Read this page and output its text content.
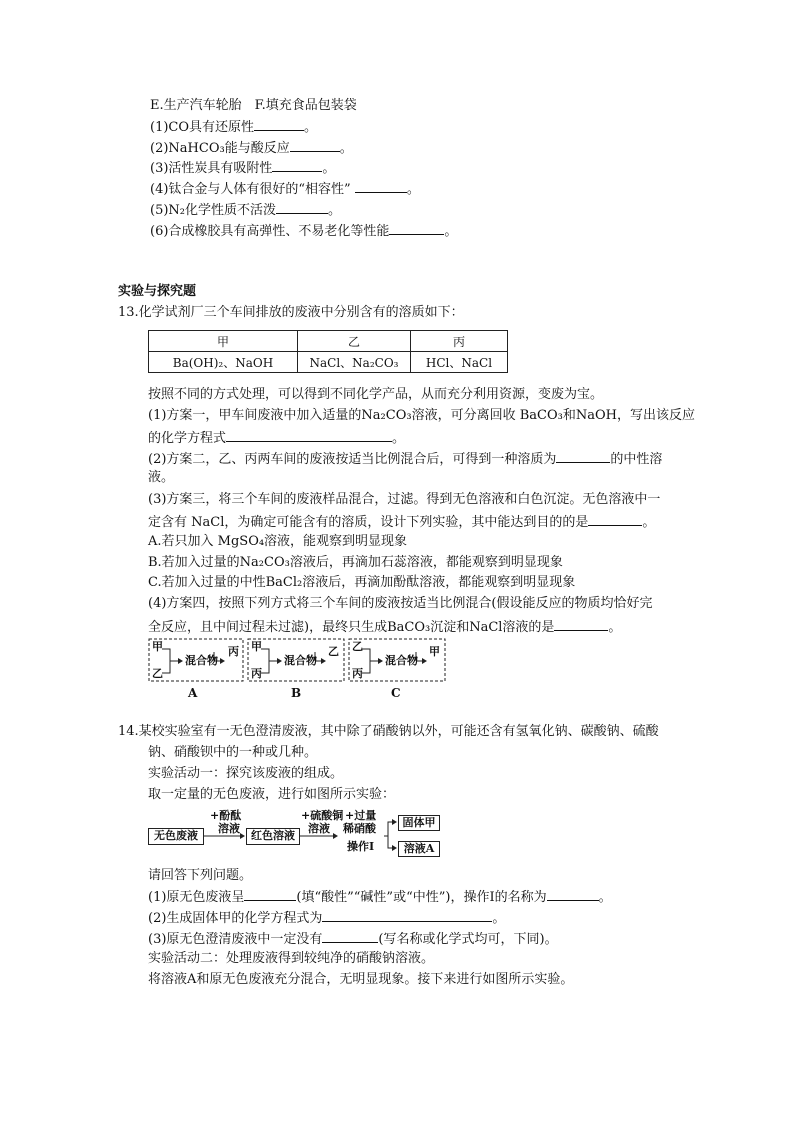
E.生产汽车轮胎　F.填充食品包装袋
(1)CO具有还原性	。
(2)NaHCO₃能与酸反应	。
(3)活性炭具有吸附性	。
(4)钛合金与人体有很好的“相容性”	。
(5)N₂化学性质不活泼	。
(6)合成橡胶具有高弹性、不易老化等性能	。
实验与探究题
13.化学试剂厂三个车间排放的废液中分别含有的溶质如下：
甲	乙	丙
Ba(OH)₂、NaOH	NaCl、Na₂CO₃	HCl、NaCl
按照不同的方式处理，可以得到不同化学产品，从而充分利用资源，变废为宝。
(1)方案一，甲车间废液中加入适量的Na₂CO₃溶液，可分离回收 BaCO₃和NaOH，写出该反应
的化学方程式	。
(2)方案二，乙、丙两车间的废液按适当比例混合后，可得到一种溶质为	的中性溶
液。
(3)方案三，将三个车间的废液样品混合，过滤。得到无色溶液和白色沉淀。无色溶液中一
定含有 NaCl，为确定可能含有的溶质，设计下列实验，其中能达到目的的是	。
A.若只加入 MgSO₄溶液，能观察到明显现象
B.若加入过量的Na₂CO₃溶液后，再滴加石蕊溶液，都能观察到明显现象
C.若加入过量的中性BaCl₂溶液后，再滴加酚酞溶液，都能观察到明显现象
(4)方案四，按照下列方式将三个车间的废液按适当比例混合(假设能反应的物质均恰好完
全反应，且中间过程未过滤)，最终只生成BaCO₃沉淀和NaCl溶液的是	。
甲
乙
混合物
丙
A
甲
丙
混合物
乙
B
乙
丙
混合物
甲
C
14.某校实验室有一无色澄清废液，其中除了硝酸钠以外，可能还含有氢氧化钠、碳酸钠、硫酸
钠、硝酸钡中的一种或几种。
实验活动一：探究该废液的组成。
取一定量的无色废液，进行如图所示实验：
无色废液
+酚酞
溶液
红色溶液
+硫酸铜
溶液
+过量
稀硝酸
操作Ⅰ
固体甲
溶液A
请回答下列问题。
(1)原无色废液呈	(填“酸性”“碱性”或“中性”)，操作Ⅰ的名称为	。
(2)生成固体甲的化学方程式为	。
(3)原无色澄清废液中一定没有	(写名称或化学式均可，下同)。
实验活动二：处理废液得到较纯净的硝酸钠溶液。
将溶液A和原无色废液充分混合，无明显现象。接下来进行如图所示实验。
